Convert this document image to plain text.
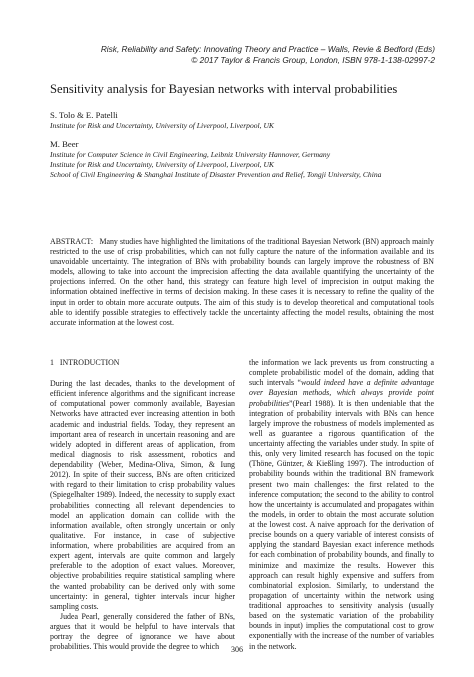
Risk, Reliability and Safety: Innovating Theory and Practice – Walls, Revie & Bedford (Eds)
© 2017 Taylor & Francis Group, London, ISBN 978-1-138-02997-2
Sensitivity analysis for Bayesian networks with interval probabilities
S. Tolo & E. Patelli
Institute for Risk and Uncertainty, University of Liverpool, Liverpool, UK
M. Beer
Institute for Computer Science in Civil Engineering, Leibniz University Hannover, Germany
Institute for Risk and Uncertainty, University of Liverpool, Liverpool, UK
School of Civil Engineering & Shanghai Institute of Disaster Prevention and Relief, Tongji University, China
ABSTRACT: Many studies have highlighted the limitations of the traditional Bayesian Network (BN) approach mainly restricted to the use of crisp probabilities, which can not fully capture the nature of the information available and its unavoidable uncertainty. The integration of BNs with probability bounds can largely improve the robustness of BN models, allowing to take into account the imprecision affecting the data available quantifying the uncertainty of the projections inferred. On the other hand, this strategy can feature high level of imprecision in output making the information obtained ineffective in terms of decision making. In these cases it is necessary to refine the quality of the input in order to obtain more accurate outputs. The aim of this study is to develop theoretical and computational tools able to identify possible strategies to effectively tackle the uncertainty affecting the model results, obtaining the most accurate information at the lowest cost.
1 INTRODUCTION

During the last decades, thanks to the development of efficient inference algorithms and the significant increase of computational power commonly available, Bayesian Networks have attracted ever increasing attention in both academic and industrial fields. Today, they represent an important area of research in uncertain reasoning and are widely adopted in different areas of application, from medical diagnosis to risk assessment, robotics and dependability (Weber, Medina-Oliva, Simon, & Iung 2012). In spite of their success, BNs are often criticized with regard to their limitation to crisp probability values (Spiegelhalter 1989). Indeed, the necessity to supply exact probabilities connecting all relevant dependencies to model an application domain can collide with the information available, often strongly uncertain or only qualitative. For instance, in case of subjective information, where probabilities are acquired from an expert agent, intervals are quite common and largely preferable to the adoption of exact values. Moreover, objective probabilities require statistical sampling where the wanted probability can be derived only with some uncertainty: in general, tighter intervals incur higher sampling costs.

Judea Pearl, generally considered the father of BNs, argues that it would be helpful to have intervals that portray the degree of ignorance we have about probabilities. This would provide the degree to which

the information we lack prevents us from constructing a complete probabilistic model of the domain, adding that such intervals “would indeed have a definite advantage over Bayesian methods, which always provide point probabilities”(Pearl 1988). It is then undeniable that the integration of probability intervals with BNs can hence largely improve the robustness of models implemented as well as guarantee a rigorous quantification of the uncertainty affecting the variables under study. In spite of this, only very limited research has focused on the topic (Thöne, Güntzer, & Kießling 1997). The introduction of probability bounds within the traditional BN framework present two main challenges: the first related to the inference computation; the second to the ability to control how the uncertainty is accumulated and propagates within the models, in order to obtain the most accurate solution at the lowest cost. A naive approach for the derivation of precise bounds on a query variable of interest consists of applying the standard Bayesian exact inference methods for each combination of probability bounds, and finally to minimize and maximize the results. However this approach can result highly expensive and suffers from combinatorial explosion. Similarly, to understand the propagation of uncertainty within the network using traditional approaches to sensitivity analysis (usually based on the systematic variation of the probability bounds in input) implies the computational cost to grow exponentially with the increase of the number of variables in the network.

306
